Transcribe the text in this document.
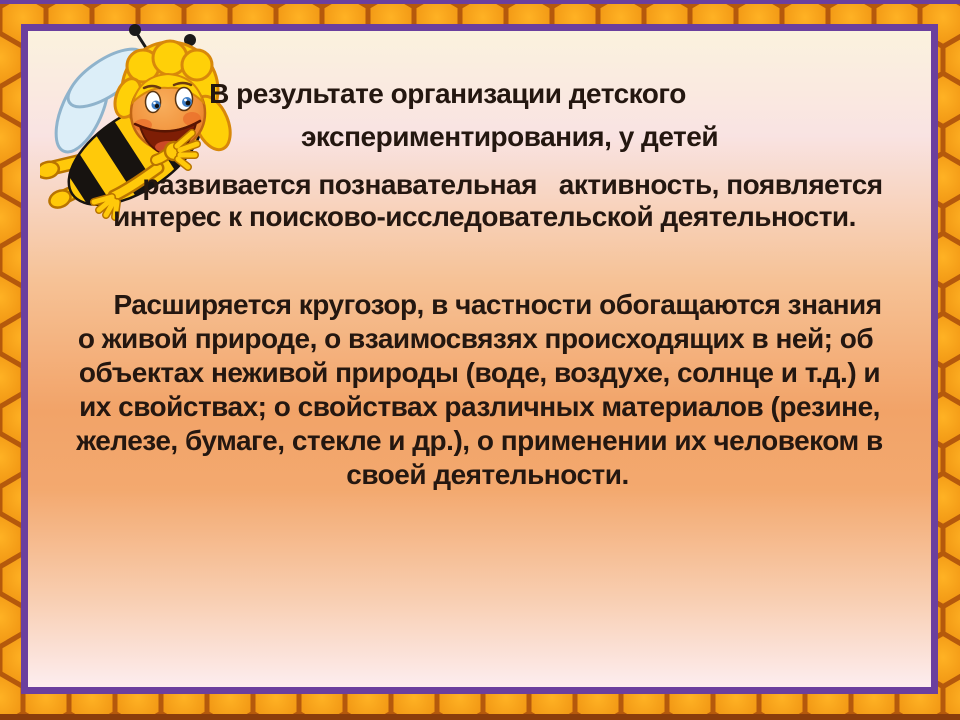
В результате организации детского
экспериментирования, у детей
развивается познавательная   активность, появляется
интерес к поисково-исследовательской деятельности.
Расширяется кругозор, в частности обогащаются знания
о живой природе, о взаимосвязях происходящих в ней; об
объектах неживой природы (воде, воздухе, солнце и т.д.) и
их свойствах; о свойствах различных материалов (резине,
железе, бумаге, стекле и др.), о применении их человеком в
своей деятельности.
